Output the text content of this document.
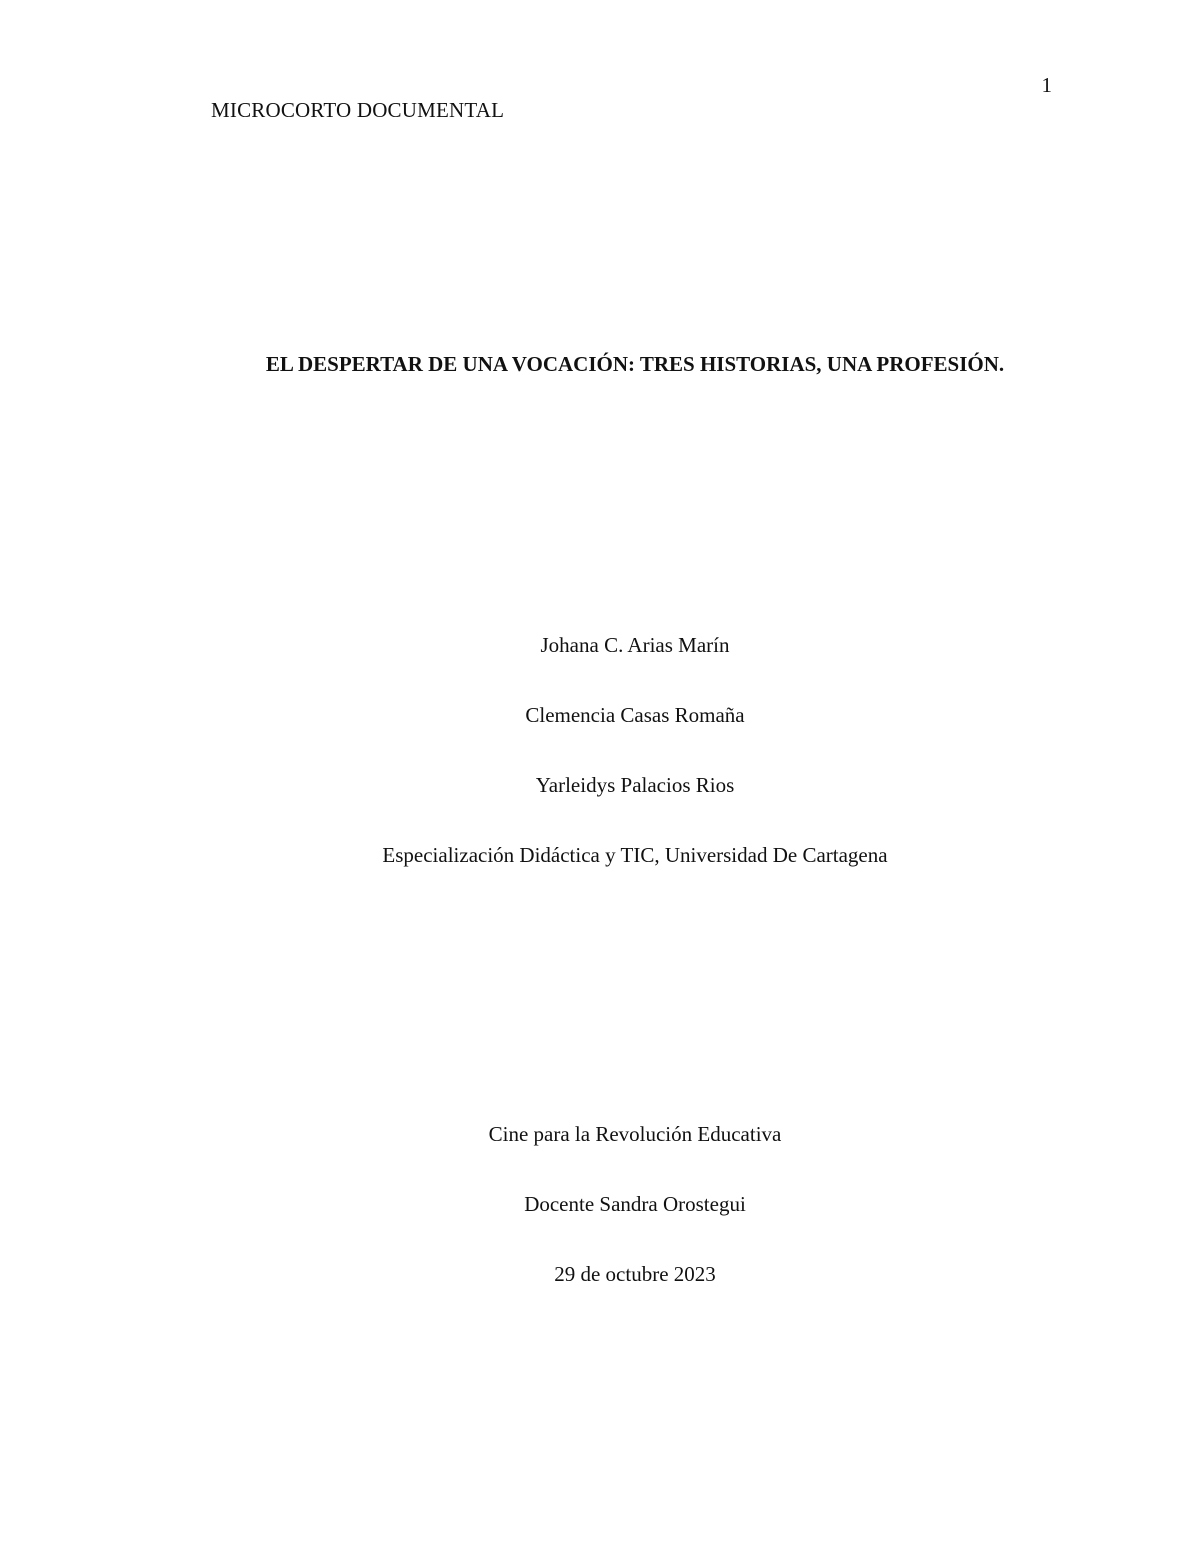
MICROCORTO DOCUMENTAL
1
EL DESPERTAR DE UNA VOCACIÓN: TRES HISTORIAS, UNA PROFESIÓN.
Johana C. Arias Marín
Clemencia Casas Romaña
Yarleidys Palacios Rios
Especialización Didáctica y TIC, Universidad De Cartagena
Cine para la Revolución Educativa
Docente Sandra Orostegui
29 de octubre 2023
